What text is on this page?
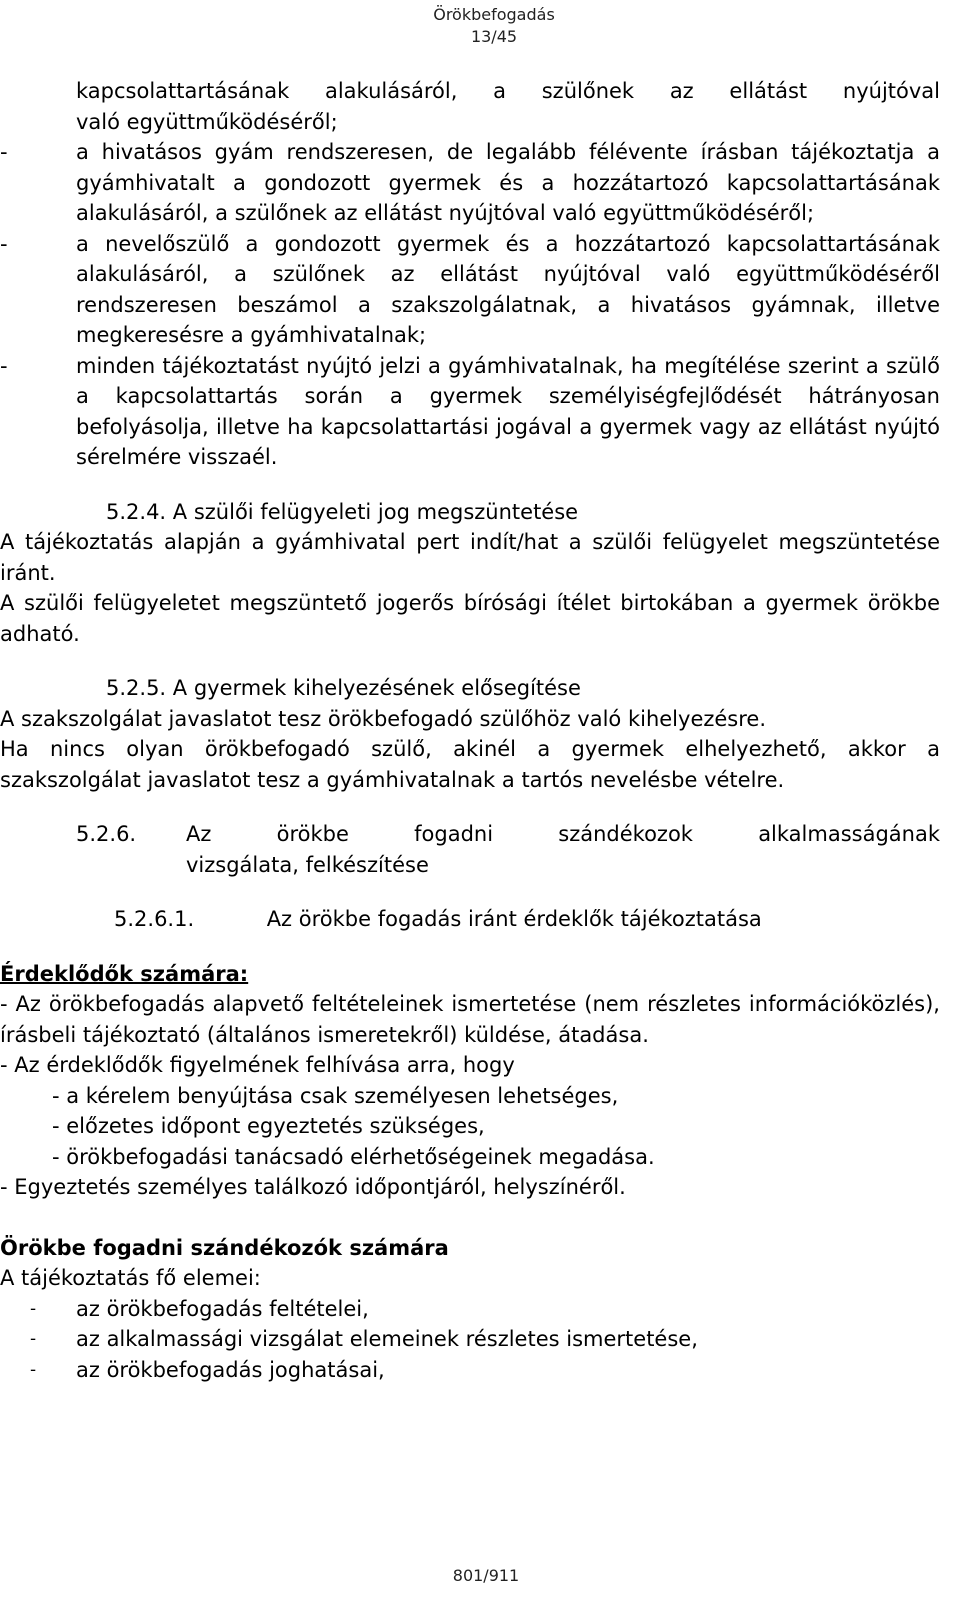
Örökbefogadás
13/45
kapcsolattartásának alakulásáról, a szülőnek az ellátást nyújtóval
való együttműködéséről;
-	a hivatásos gyám rendszeresen, de legalább félévente írásban tájékoztatja a gyámhivatalt a gondozott gyermek és a hozzátartozó kapcsolattartásának alakulásáról, a szülőnek az ellátást nyújtóval való együttműködéséről;
-	a nevelőszülő a gondozott gyermek és a hozzátartozó kapcsolattartásának alakulásáról, a szülőnek az ellátást nyújtóval való együttműködéséről rendszeresen beszámol a szakszolgálatnak, a hivatásos gyámnak, illetve megkeresésre a gyámhivatalnak;
-	minden tájékoztatást nyújtó jelzi a gyámhivatalnak, ha megítélése szerint a szülő a kapcsolattartás során a gyermek személyiségfejlődését hátrányosan befolyásolja, illetve ha kapcsolattartási jogával a gyermek vagy az ellátást nyújtó sérelmére visszaél.
5.2.4. A szülői felügyeleti jog megszüntetése
A tájékoztatás alapján a gyámhivatal pert indít/hat a szülői felügyelet megszüntetése iránt.
A szülői felügyeletet megszüntető jogerős bírósági ítélet birtokában a gyermek örökbe adható.
5.2.5. A gyermek kihelyezésének elősegítése
A szakszolgálat javaslatot tesz örökbefogadó szülőhöz való kihelyezésre.
Ha nincs olyan örökbefogadó szülő, akinél a gyermek elhelyezhető, akkor a szakszolgálat javaslatot tesz a gyámhivatalnak a tartós nevelésbe vételre.
5.2.6.	Az örökbe fogadni szándékozok alkalmasságának
vizsgálata, felkészítése
5.2.6.1.	Az örökbe fogadás iránt érdeklők tájékoztatása
Érdeklődők számára:
- Az örökbefogadás alapvető feltételeinek ismertetése (nem részletes információközlés), írásbeli tájékoztató (általános ismeretekről) küldése, átadása.
- Az érdeklődők figyelmének felhívása arra, hogy
- a kérelem benyújtása csak személyesen lehetséges,
- előzetes időpont egyeztetés szükséges,
- örökbefogadási tanácsadó elérhetőségeinek megadása.
- Egyeztetés személyes találkozó időpontjáról, helyszínéről.
Örökbe fogadni szándékozók számára
A tájékoztatás fő elemei:
- az örökbefogadás feltételei,
- az alkalmassági vizsgálat elemeinek részletes ismertetése,
- az örökbefogadás joghatásai,
801/911
